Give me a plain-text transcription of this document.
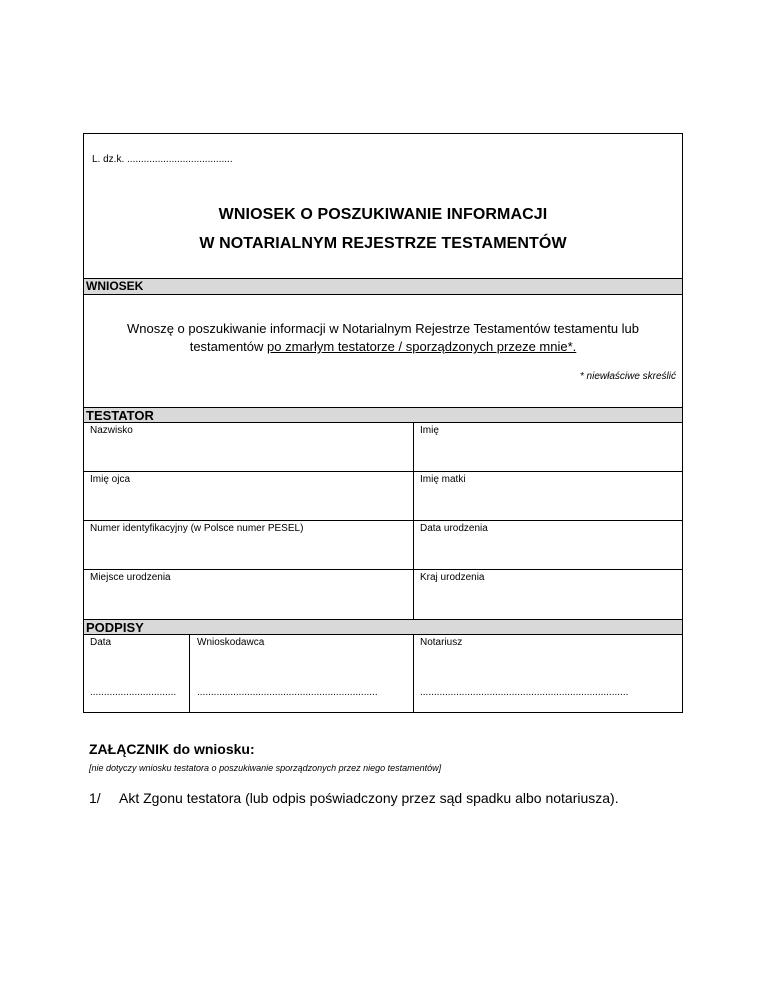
L. dz.k. ......................................
WNIOSEK O POSZUKIWANIE INFORMACJI
W NOTARIALNYM REJESTRZE TESTAMENTÓW
WNIOSEK
Wnoszę o poszukiwanie informacji w Notarialnym Rejestrze Testamentów testamentu lub
testamentów po zmarłym testatorze / sporządzonych przeze mnie*.
* niewłaściwe skreślić
TESTATOR
Nazwisko	Imię
Imię ojca	Imię matki
Numer identyfikacyjny (w Polsce numer PESEL)	Data urodzenia
Miejsce urodzenia	Kraj urodzenia
PODPISY
Data	Wnioskodawca	Notariusz
...............................	.................................................................	...........................................................................
ZAŁĄCZNIK do wniosku:
[nie dotyczy wniosku testatora o poszukiwanie sporządzonych przez niego testamentów]
1/ Akt Zgonu testatora (lub odpis poświadczony przez sąd spadku albo notariusza).
